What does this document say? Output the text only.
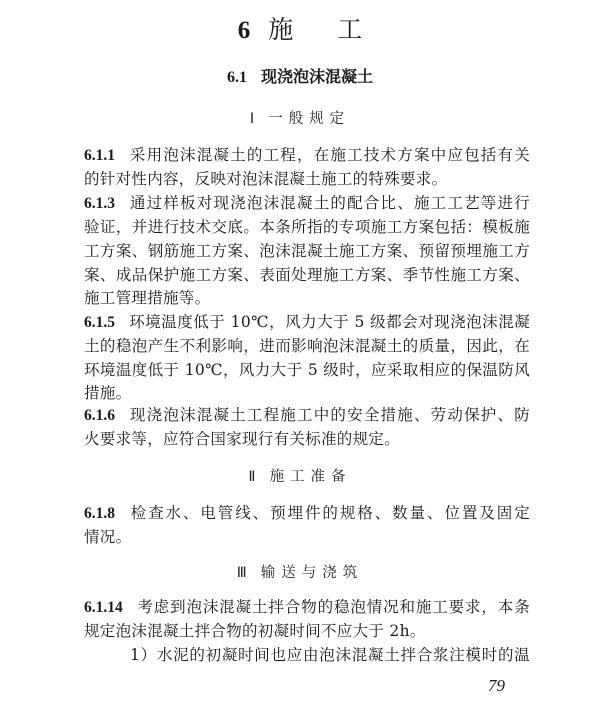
6 施 工
6.1 现浇泡沫混凝土
Ⅰ 一般规定
6.1.1 采用泡沫混凝土的工程，在施工技术方案中应包括有关
的针对性内容，反映对泡沫混凝土施工的特殊要求。
6.1.3 通过样板对现浇泡沫混凝土的配合比、施工工艺等进行
验证，并进行技术交底。本条所指的专项施工方案包括：模板施
工方案、钢筋施工方案、泡沫混凝土施工方案、预留预埋施工方
案、成品保护施工方案、表面处理施工方案、季节性施工方案、
施工管理措施等。
6.1.5 环境温度低于 10℃，风力大于 5 级都会对现浇泡沫混凝
土的稳泡产生不利影响，进而影响泡沫混凝土的质量，因此，在
环境温度低于 10℃，风力大于 5 级时，应采取相应的保温防风
措施。
6.1.6 现浇泡沫混凝土工程施工中的安全措施、劳动保护、防
火要求等，应符合国家现行有关标准的规定。
Ⅱ 施工准备
6.1.8 检查水、电管线、预埋件的规格、数量、位置及固定
情况。
Ⅲ 输送与浇筑
6.1.14 考虑到泡沫混凝土拌合物的稳泡情况和施工要求，本条
规定泡沫混凝土拌合物的初凝时间不应大于 2h。
1）水泥的初凝时间也应由泡沫混凝土拌合浆注模时的温
79
